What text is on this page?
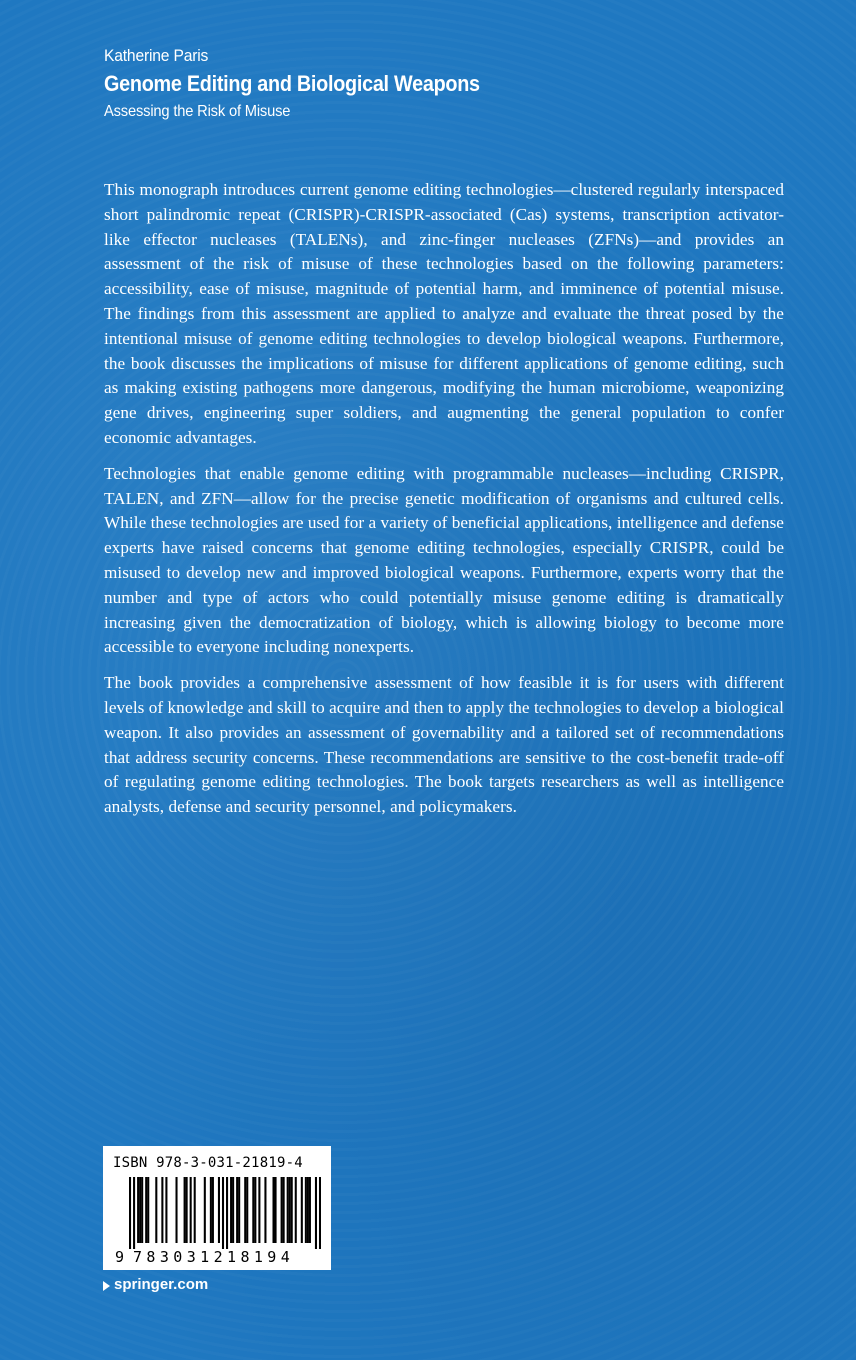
Katherine Paris
Genome Editing and Biological Weapons
Assessing the Risk of Misuse

This monograph introduces current genome editing technologies—clustered regularly interspaced short palindromic repeat (CRISPR)-CRISPR-associated (Cas) systems, transcription activator-like effector nucleases (TALENs), and zinc-finger nucleases (ZFNs)—and provides an assessment of the risk of misuse of these technologies based on the following parameters: accessibility, ease of misuse, magnitude of potential harm, and imminence of potential misuse. The findings from this assessment are applied to analyze and evaluate the threat posed by the intentional misuse of genome editing technologies to develop biological weapons. Furthermore, the book discusses the implications of misuse for different applications of genome editing, such as making existing pathogens more dangerous, modifying the human microbiome, weaponizing gene drives, engineering super soldiers, and augmenting the general population to confer economic advantages.

Technologies that enable genome editing with programmable nucleases—including CRISPR, TALEN, and ZFN—allow for the precise genetic modification of organisms and cultured cells. While these technologies are used for a variety of beneficial applications, intelligence and defense experts have raised concerns that genome editing technologies, especially CRISPR, could be misused to develop new and improved biological weapons. Furthermore, experts worry that the number and type of actors who could potentially misuse genome editing is dramatically increasing given the democratization of biology, which is allowing biology to become more accessible to everyone including nonexperts.

The book provides a comprehensive assessment of how feasible it is for users with different levels of knowledge and skill to acquire and then to apply the technologies to develop a biological weapon. It also provides an assessment of governability and a tailored set of recommendations that address security concerns. These recommendations are sensitive to the cost-benefit trade-off of regulating genome editing technologies. The book targets researchers as well as intelligence analysts, defense and security personnel, and policymakers.

ISBN 978-3-031-21819-4
9 783031218194
springer.com
